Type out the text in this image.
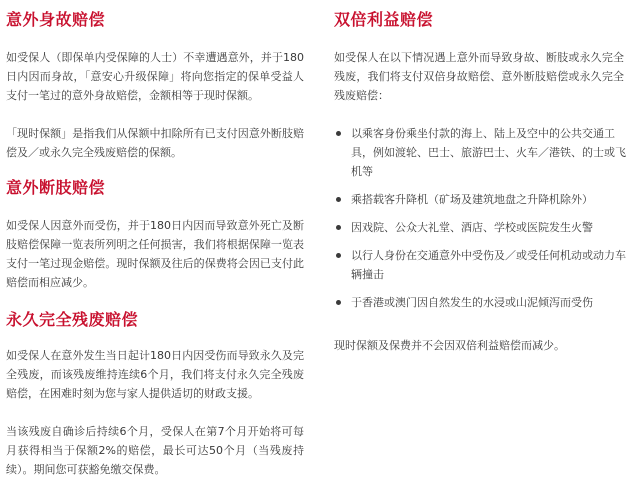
意外身故赔偿

如受保人（即保单内受保障的人士）不幸遭遇意外，并于180日内因而身故，「意安心升级保障」将向您指定的保单受益人支付一笔过的意外身故赔偿，金额相等于现时保额。

「现时保额」是指我们从保额中扣除所有已支付因意外断肢赔偿及／或永久完全残废赔偿的保额。

意外断肢赔偿

如受保人因意外而受伤，并于180日内因而导致意外死亡及断肢赔偿保障一览表所列明之任何损害，我们将根据保障一览表支付一笔过现金赔偿。现时保额及往后的保费将会因已支付此赔偿而相应减少。

永久完全残废赔偿

如受保人在意外发生当日起计180日内因受伤而导致永久及完全残废，而该残废维持连续6个月，我们将支付永久完全残废赔偿，在困难时刻为您与家人提供适切的财政支援。

当该残废自确诊后持续6个月，受保人在第7个月开始将可每月获得相当于保额2%的赔偿，最长可达50个月（当残废持续）。期间您可获豁免缴交保费。

双倍利益赔偿

如受保人在以下情况遇上意外而导致身故、断肢或永久完全残废，我们将支付双倍身故赔偿、意外断肢赔偿或永久完全残废赔偿：

以乘客身份乘坐付款的海上、陆上及空中的公共交通工具，例如渡轮、巴士、旅游巴士、火车／港铁、的士或飞机等
乘搭载客升降机（矿场及建筑地盘之升降机除外）
因戏院、公众大礼堂、酒店、学校或医院发生火警
以行人身份在交通意外中受伤及／或受任何机动或动力车辆撞击
于香港或澳门因自然发生的水浸或山泥倾泻而受伤

现时保额及保费并不会因双倍利益赔偿而减少。
